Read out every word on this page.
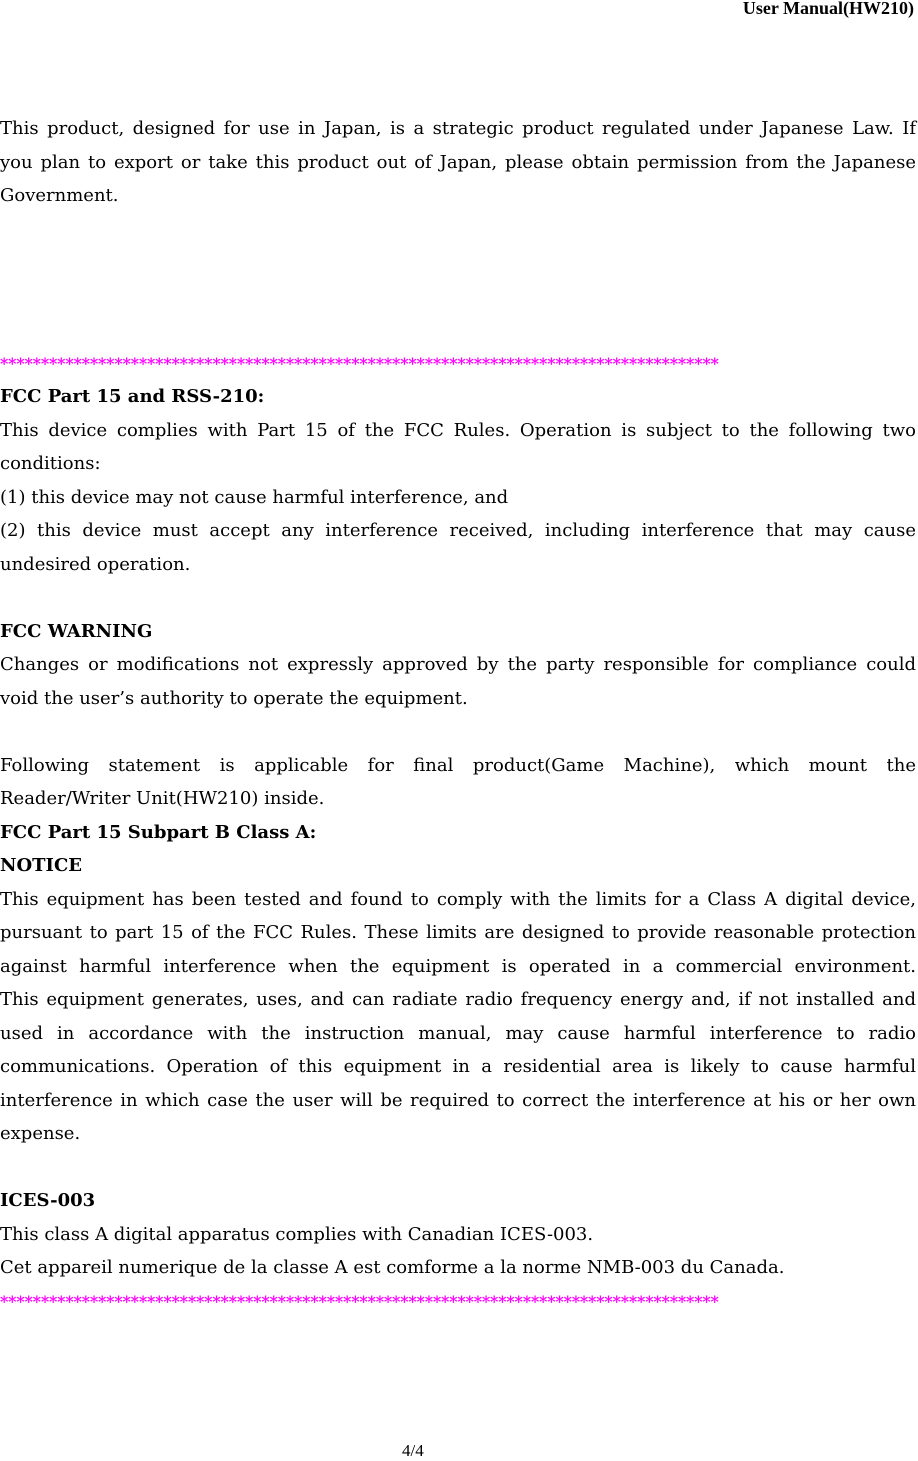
User Manual(HW210)
This product, designed for use in Japan, is a strategic product regulated under Japanese Law. If
you plan to export or take this product out of Japan, please obtain permission from the Japanese
Government.
****************************************************************************************
FCC Part 15 and RSS-210:
This device complies with Part 15 of the FCC Rules. Operation is subject to the following two
conditions:
(1) this device may not cause harmful interference, and
(2) this device must accept any interference received, including interference that may cause
undesired operation.
FCC WARNING
Changes or modifications not expressly approved by the party responsible for compliance could
void the user’s authority to operate the equipment.
Following statement is applicable for final product(Game Machine), which mount the
Reader/Writer Unit(HW210) inside.
FCC Part 15 Subpart B Class A:
NOTICE
This equipment has been tested and found to comply with the limits for a Class A digital device,
pursuant to part 15 of the FCC Rules. These limits are designed to provide reasonable protection
against harmful interference when the equipment is operated in a commercial environment.
This equipment generates, uses, and can radiate radio frequency energy and, if not installed and
used in accordance with the instruction manual, may cause harmful interference to radio
communications. Operation of this equipment in a residential area is likely to cause harmful
interference in which case the user will be required to correct the interference at his or her own
expense.
ICES-003
This class A digital apparatus complies with Canadian ICES-003.
Cet appareil numerique de la classe A est comforme a la norme NMB-003 du Canada.
****************************************************************************************
4/4
